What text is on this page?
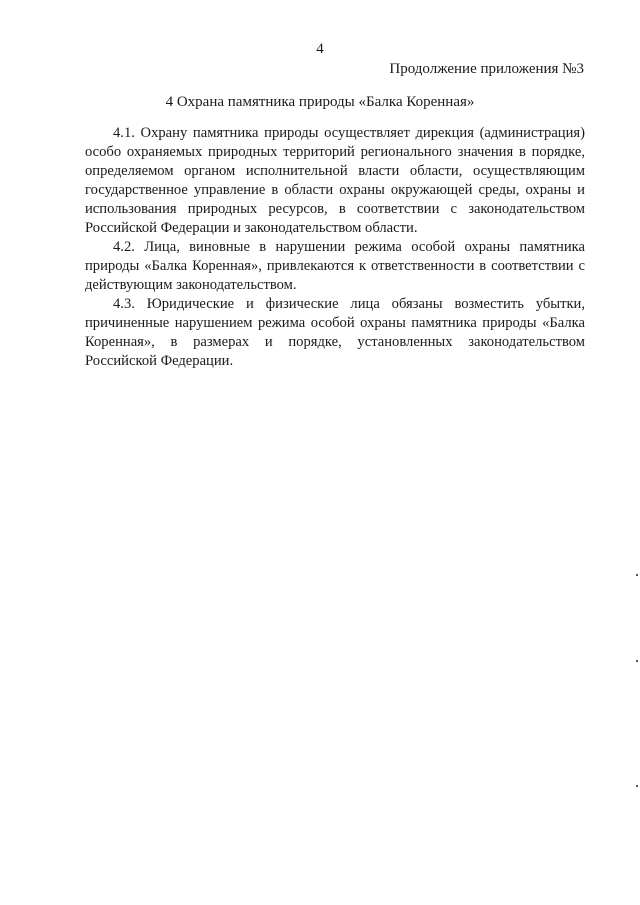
4
Продолжение приложения №3
4 Охрана памятника природы «Балка Коренная»

4.1. Охрану памятника природы осуществляет дирекция (администрация) особо охраняемых природных территорий регионального значения в порядке, определяемом органом исполнительной власти области, осуществляющим государственное управление в области охраны окружающей среды, охраны и использования природных ресурсов, в соответствии с законодательством Российской Федерации и законодательством области.

4.2. Лица, виновные в нарушении режима особой охраны памятника природы «Балка Коренная», привлекаются к ответственности в соответствии с действующим законодательством.

4.3. Юридические и физические лица обязаны возместить убытки, причиненные нарушением режима особой охраны памятника природы «Балка Коренная», в размерах и порядке, установленных законодательством Российской Федерации.
